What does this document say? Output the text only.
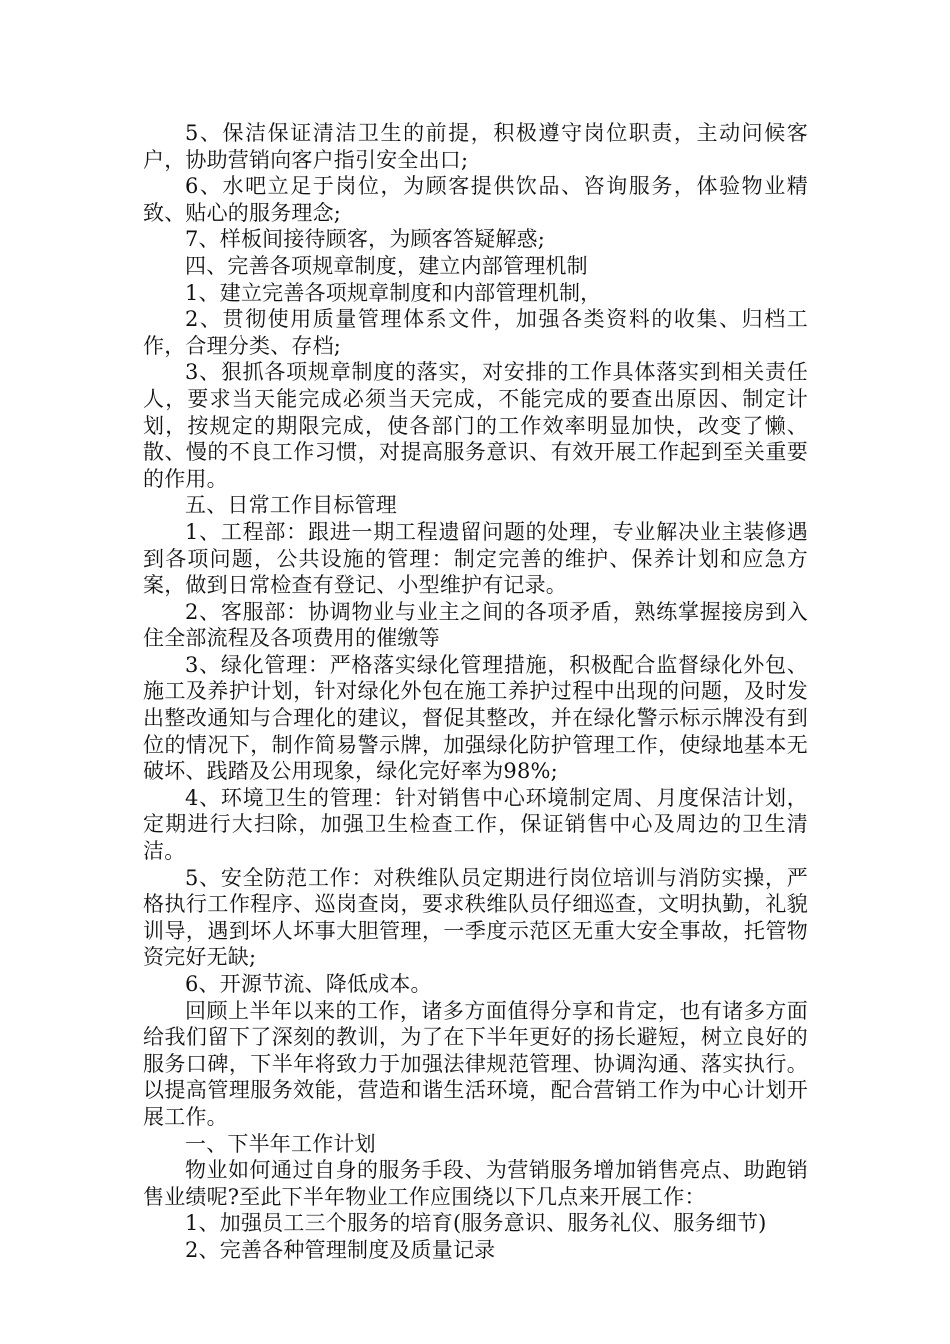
5、保洁保证清洁卫生的前提，积极遵守岗位职责，主动问候客户，协助营销向客户指引安全出口;

6、水吧立足于岗位，为顾客提供饮品、咨询服务，体验物业精致、贴心的服务理念;

7、样板间接待顾客，为顾客答疑解惑;

四、完善各项规章制度，建立内部管理机制

1、建立完善各项规章制度和内部管理机制，

2、贯彻使用质量管理体系文件，加强各类资料的收集、归档工作，合理分类、存档;

3、狠抓各项规章制度的落实，对安排的工作具体落实到相关责任人，要求当天能完成必须当天完成，不能完成的要查出原因、制定计划，按规定的期限完成，使各部门的工作效率明显加快，改变了懒、散、慢的不良工作习惯，对提高服务意识、有效开展工作起到至关重要的作用。

五、日常工作目标管理

1、工程部：跟进一期工程遗留问题的处理，专业解决业主装修遇到各项问题，公共设施的管理：制定完善的维护、保养计划和应急方案，做到日常检查有登记、小型维护有记录。

2、客服部：协调物业与业主之间的各项矛盾，熟练掌握接房到入住全部流程及各项费用的催缴等

3、绿化管理：严格落实绿化管理措施，积极配合监督绿化外包、施工及养护计划，针对绿化外包在施工养护过程中出现的问题，及时发出整改通知与合理化的建议，督促其整改，并在绿化警示标示牌没有到位的情况下，制作简易警示牌，加强绿化防护管理工作，使绿地基本无破坏、践踏及公用现象，绿化完好率为98%;

4、环境卫生的管理：针对销售中心环境制定周、月度保洁计划，定期进行大扫除，加强卫生检查工作，保证销售中心及周边的卫生清洁。

5、安全防范工作：对秩维队员定期进行岗位培训与消防实操，严格执行工作程序、巡岗查岗，要求秩维队员仔细巡查，文明执勤，礼貌训导，遇到坏人坏事大胆管理，一季度示范区无重大安全事故，托管物资完好无缺;

6、开源节流、降低成本。

回顾上半年以来的工作，诸多方面值得分享和肯定，也有诸多方面给我们留下了深刻的教训，为了在下半年更好的扬长避短，树立良好的服务口碑，下半年将致力于加强法律规范管理、协调沟通、落实执行。以提高管理服务效能，营造和谐生活环境，配合营销工作为中心计划开展工作。

一、下半年工作计划

物业如何通过自身的服务手段、为营销服务增加销售亮点、助跑销售业绩呢?至此下半年物业工作应围绕以下几点来开展工作：

1、加强员工三个服务的培育(服务意识、服务礼仪、服务细节)

2、完善各种管理制度及质量记录
